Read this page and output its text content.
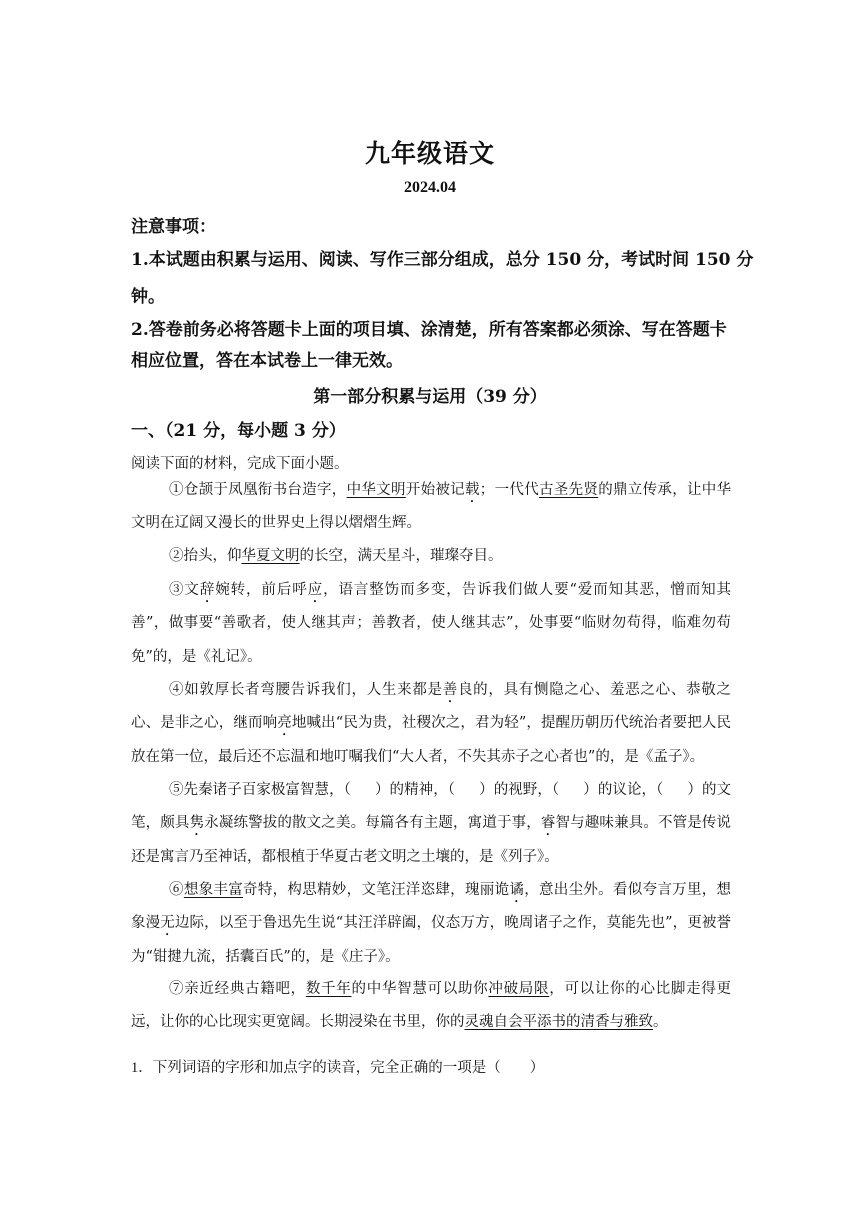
九年级语文
2024.04
注意事项：
1.本试题由积累与运用、阅读、写作三部分组成，总分 150 分，考试时间 150 分
钟。
2.答卷前务必将答题卡上面的项目填、涂清楚，所有答案都必须涂、写在答题卡
相应位置，答在本试卷上一律无效。
第一部分积累与运用（39 分）
一、（21 分，每小题 3 分）
阅读下面的材料，完成下面小题。
①仓颉于凤凰衔书台造字，中华文明开始被记载；一代代古圣先贤的鼎立传承，让中华文明在辽阔又漫长的世界史上得以熠熠生辉。
②抬头，仰华夏文明的长空，满天星斗，璀璨夺目。
③文辞婉转，前后呼应，语言整饬而多变，告诉我们做人要“爱而知其恶，憎而知其善”，做事要“善歌者，使人继其声；善教者，使人继其志”，处事要“临财勿苟得，临难勿苟免”的，是《礼记》。
④如敦厚长者弯腰告诉我们，人生来都是善良的，具有恻隐之心、羞恶之心、恭敬之心、是非之心，继而响亮地喊出“民为贵，社稷次之，君为轻”，提醒历朝历代统治者要把人民放在第一位，最后还不忘温和地叮嘱我们“大人者，不失其赤子之心者也”的，是《孟子》。
⑤先秦诸子百家极富智慧，（ ）的精神，（ ）的视野，（ ）的议论，（ ）的文笔，颇具隽永凝练警拔的散文之美。每篇各有主题，寓道于事，睿智与趣味兼具。不管是传说还是寓言乃至神话，都根植于华夏古老文明之土壤的，是《列子》。
⑥想象丰富奇特，构思精妙，文笔汪洋恣肆，瑰丽诡谲，意出尘外。看似夸言万里，想象漫无边际，以至于鲁迅先生说“其汪洋辟阖，仪态万方，晚周诸子之作，莫能先也”，更被誉为“钳揵九流，括囊百氏”的，是《庄子》。
⑦亲近经典古籍吧，数千年的中华智慧可以助你冲破局限，可以让你的心比脚走得更远，让你的心比现实更宽阔。长期浸染在书里，你的灵魂自会平添书的清香与雅致。
1．下列词语的字形和加点字的读音，完全正确的一项是（　　）
